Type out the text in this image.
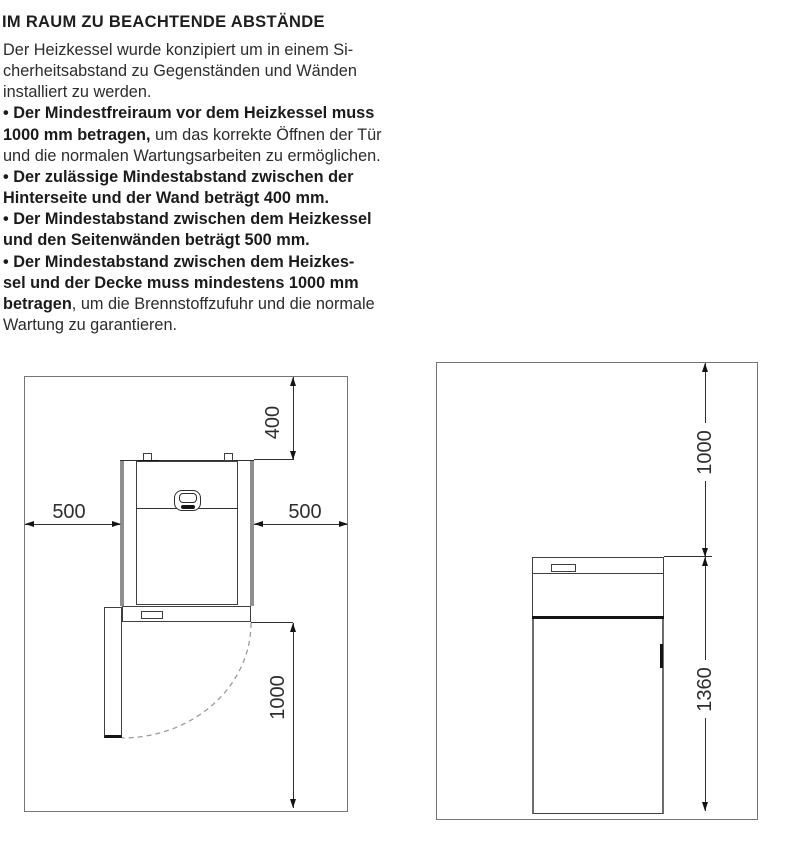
IM RAUM ZU BEACHTENDE ABSTÄNDE
Der Heizkessel wurde konzipiert um in einem Si-
cherheitsabstand zu Gegenständen und Wänden
installiert zu werden.
• Der Mindestfreiraum vor dem Heizkessel muss
1000 mm betragen, um das korrekte Öffnen der Tür
und die normalen Wartungsarbeiten zu ermöglichen.
• Der zulässige Mindestabstand zwischen der
Hinterseite und der Wand beträgt 400 mm.
• Der Mindestabstand zwischen dem Heizkessel
und den Seitenwänden beträgt 500 mm.
• Der Mindestabstand zwischen dem Heizkes-
sel und der Decke muss mindestens 1000 mm
betragen, um die Brennstoffzufuhr und die normale
Wartung zu garantieren.
400
1000
500	500
1000
1360
